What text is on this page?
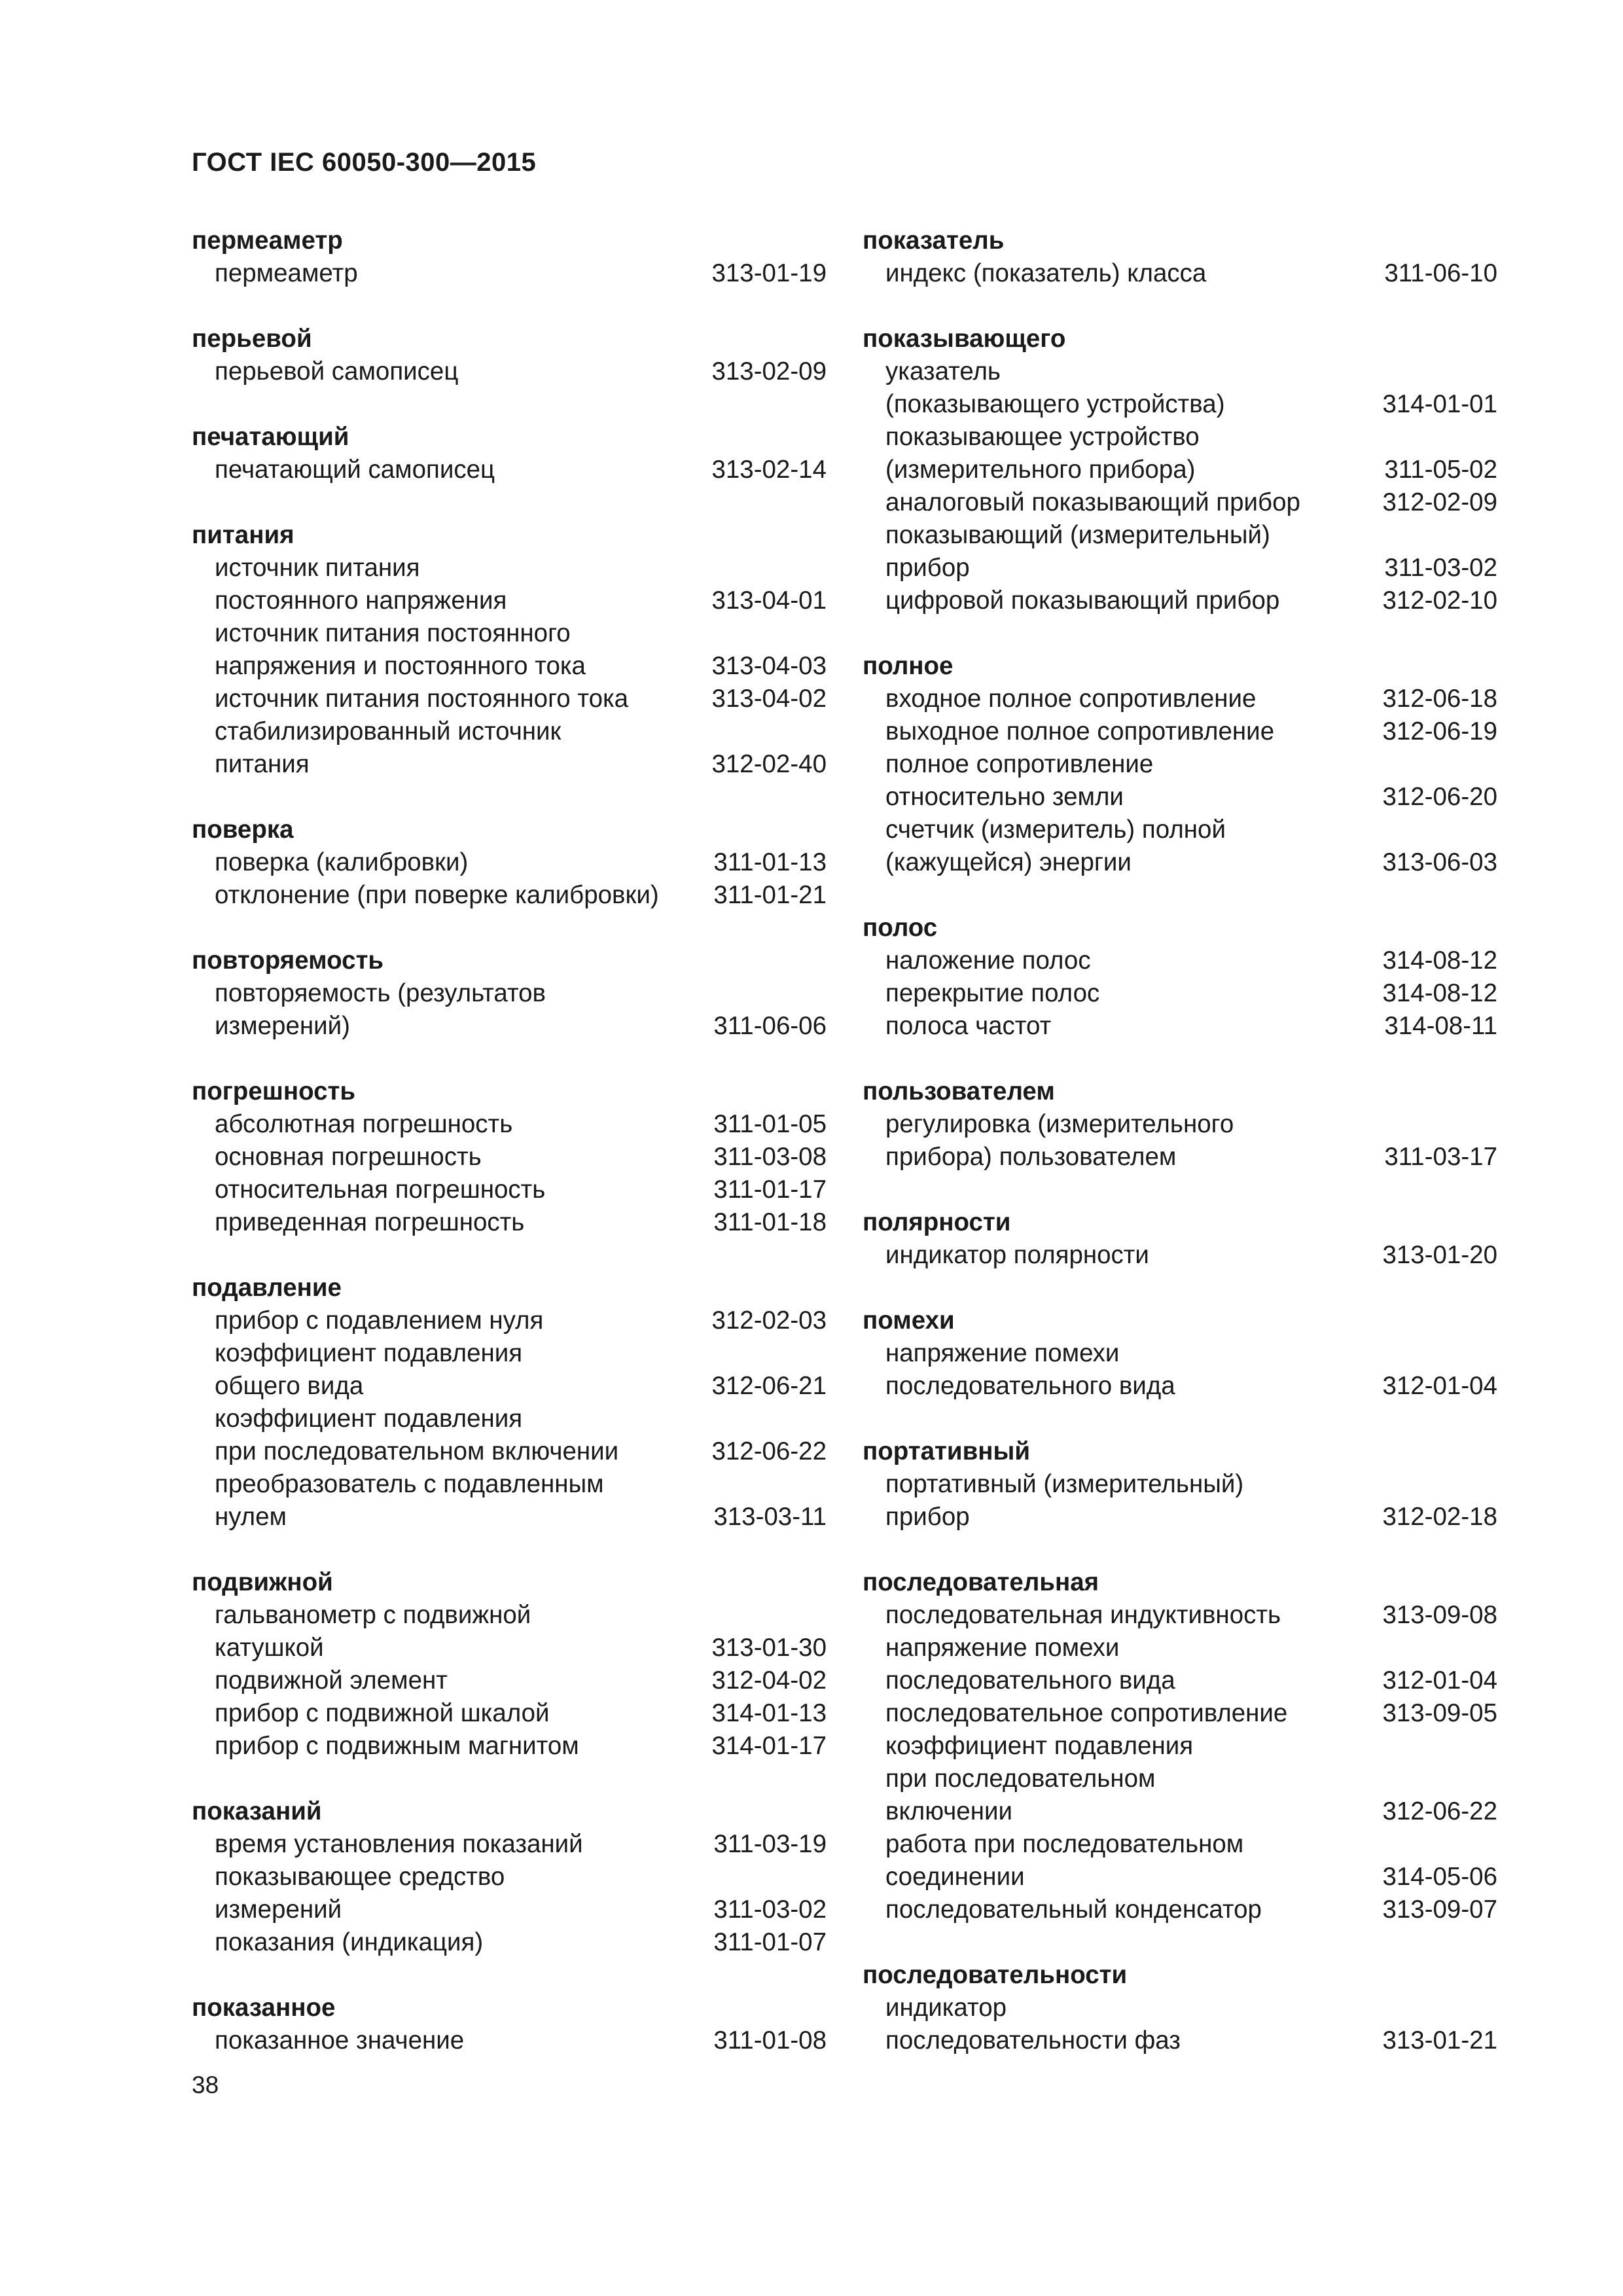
ГОСТ IEC 60050-300—2015
пермеаметр
пермеаметр	313-01-19
перьевой
перьевой самописец	313-02-09
печатающий
печатающий самописец	313-02-14
питания
источник питания
постоянного напряжения	313-04-01
источник питания постоянного
напряжения и постоянного тока	313-04-03
источник питания постоянного тока	313-04-02
стабилизированный источник
питания	312-02-40
поверка
поверка (калибровки)	311-01-13
отклонение (при поверке калибровки)	311-01-21
повторяемость
повторяемость (результатов
измерений)	311-06-06
погрешность
абсолютная погрешность	311-01-05
основная погрешность	311-03-08
относительная погрешность	311-01-17
приведенная погрешность	311-01-18
подавление
прибор с подавлением нуля	312-02-03
коэффициент подавления
общего вида	312-06-21
коэффициент подавления
при последовательном включении	312-06-22
преобразователь с подавленным
нулем	313-03-11
подвижной
гальванометр с подвижной
катушкой	313-01-30
подвижной элемент	312-04-02
прибор с подвижной шкалой	314-01-13
прибор с подвижным магнитом	314-01-17
показаний
время установления показаний	311-03-19
показывающее средство
измерений	311-03-02
показания (индикация)	311-01-07
показанное
показанное значение	311-01-08
показатель
индекс (показатель) класса	311-06-10
показывающего
указатель
(показывающего устройства)	314-01-01
показывающее устройство
(измерительного прибора)	311-05-02
аналоговый показывающий прибор	312-02-09
показывающий (измерительный)
прибор	311-03-02
цифровой показывающий прибор	312-02-10
полное
входное полное сопротивление	312-06-18
выходное полное сопротивление	312-06-19
полное сопротивление
относительно земли	312-06-20
счетчик (измеритель) полной
(кажущейся) энергии	313-06-03
полос
наложение полос	314-08-12
перекрытие полос	314-08-12
полоса частот	314-08-11
пользователем
регулировка (измерительного
прибора) пользователем	311-03-17
полярности
индикатор полярности	313-01-20
помехи
напряжение помехи
последовательного вида	312-01-04
портативный
портативный (измерительный)
прибор	312-02-18
последовательная
последовательная индуктивность	313-09-08
напряжение помехи
последовательного вида	312-01-04
последовательное сопротивление	313-09-05
коэффициент подавления
при последовательном
включении	312-06-22
работа при последовательном
соединении	314-05-06
последовательный конденсатор	313-09-07
последовательности
индикатор
последовательности фаз	313-01-21
38
